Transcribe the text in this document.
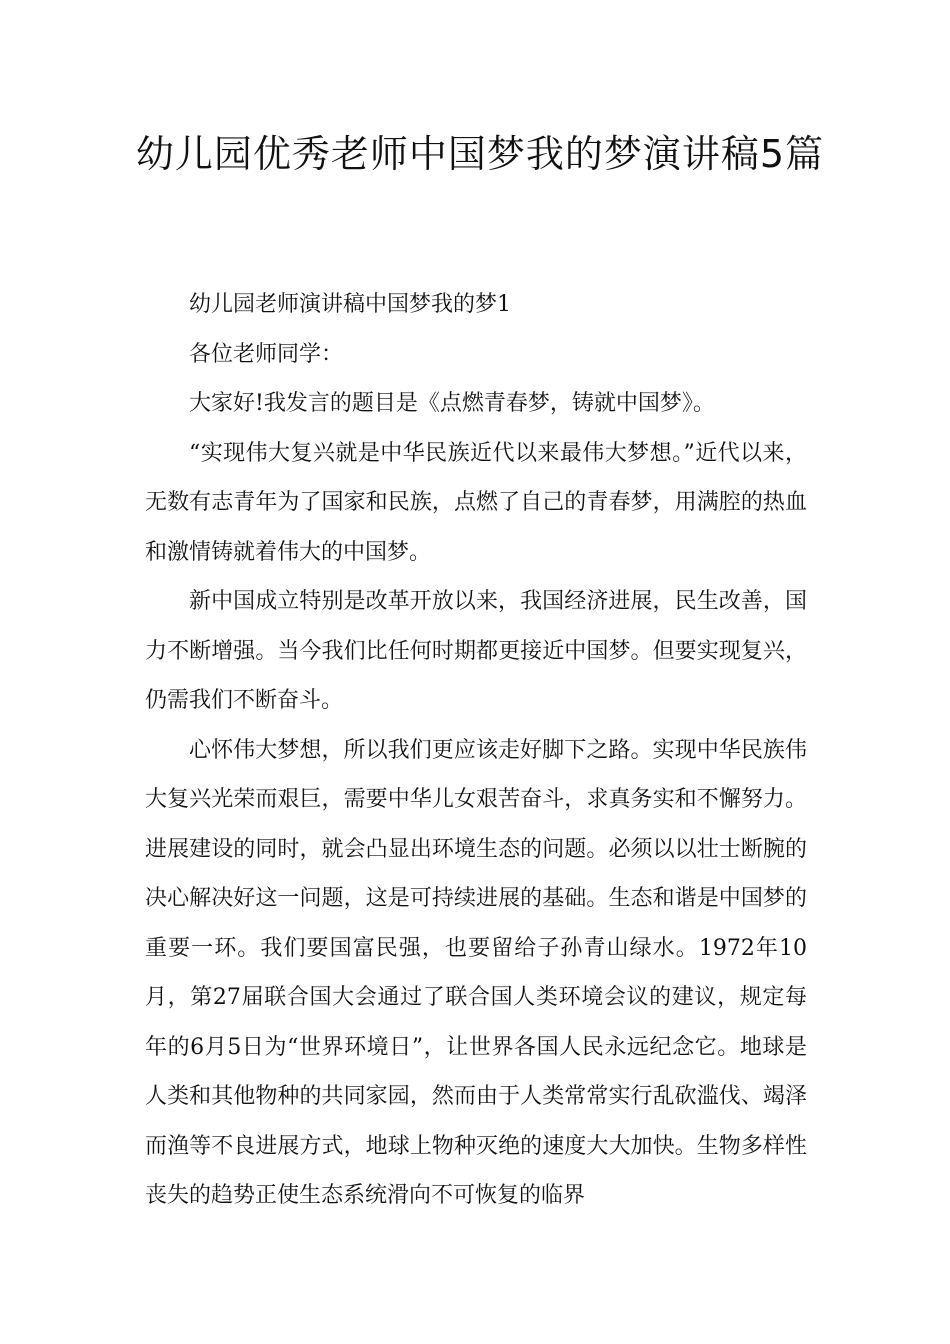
幼儿园优秀老师中国梦我的梦演讲稿5篇

幼儿园老师演讲稿中国梦我的梦1

各位老师同学：

大家好!我发言的题目是《点燃青春梦，铸就中国梦》。

“实现伟大复兴就是中华民族近代以来最伟大梦想。”近代以来，无数有志青年为了国家和民族，点燃了自己的青春梦，用满腔的热血和激情铸就着伟大的中国梦。

新中国成立特别是改革开放以来，我国经济进展，民生改善，国力不断增强。当今我们比任何时期都更接近中国梦。但要实现复兴，仍需我们不断奋斗。

心怀伟大梦想，所以我们更应该走好脚下之路。实现中华民族伟大复兴光荣而艰巨，需要中华儿女艰苦奋斗，求真务实和不懈努力。进展建设的同时，就会凸显出环境生态的问题。必须以以壮士断腕的决心解决好这一问题，这是可持续进展的基础。生态和谐是中国梦的重要一环。我们要国富民强，也要留给子孙青山绿水。1972年10月，第27届联合国大会通过了联合国人类环境会议的建议，规定每年的6月5日为“世界环境日”，让世界各国人民永远纪念它。地球是人类和其他物种的共同家园，然而由于人类常常实行乱砍滥伐、竭泽而渔等不良进展方式，地球上物种灭绝的速度大大加快。生物多样性丧失的趋势正使生态系统滑向不可恢复的临界
